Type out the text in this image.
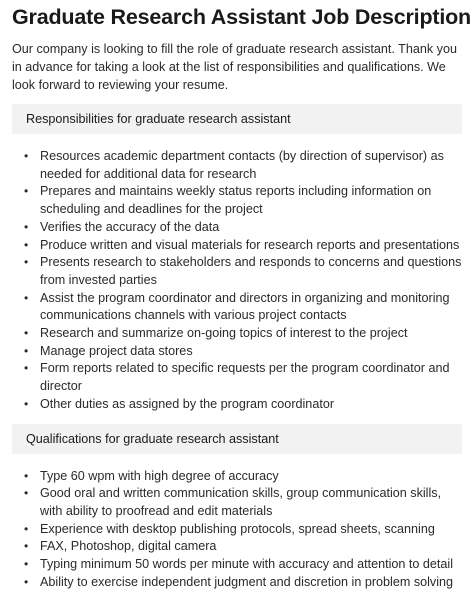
Graduate Research Assistant Job Description

Our company is looking to fill the role of graduate research assistant. Thank you in advance for taking a look at the list of responsibilities and qualifications. We look forward to reviewing your resume.

Responsibilities for graduate research assistant
• Resources academic department contacts (by direction of supervisor) as needed for additional data for research
• Prepares and maintains weekly status reports including information on scheduling and deadlines for the project
• Verifies the accuracy of the data
• Produce written and visual materials for research reports and presentations
• Presents research to stakeholders and responds to concerns and questions from invested parties
• Assist the program coordinator and directors in organizing and monitoring communications channels with various project contacts
• Research and summarize on-going topics of interest to the project
• Manage project data stores
• Form reports related to specific requests per the program coordinator and director
• Other duties as assigned by the program coordinator
Qualifications for graduate research assistant
• Type 60 wpm with high degree of accuracy
• Good oral and written communication skills, group communication skills, with ability to proofread and edit materials
• Experience with desktop publishing protocols, spread sheets, scanning
• FAX, Photoshop, digital camera
• Typing minimum 50 words per minute with accuracy and attention to detail
• Ability to exercise independent judgment and discretion in problem solving
